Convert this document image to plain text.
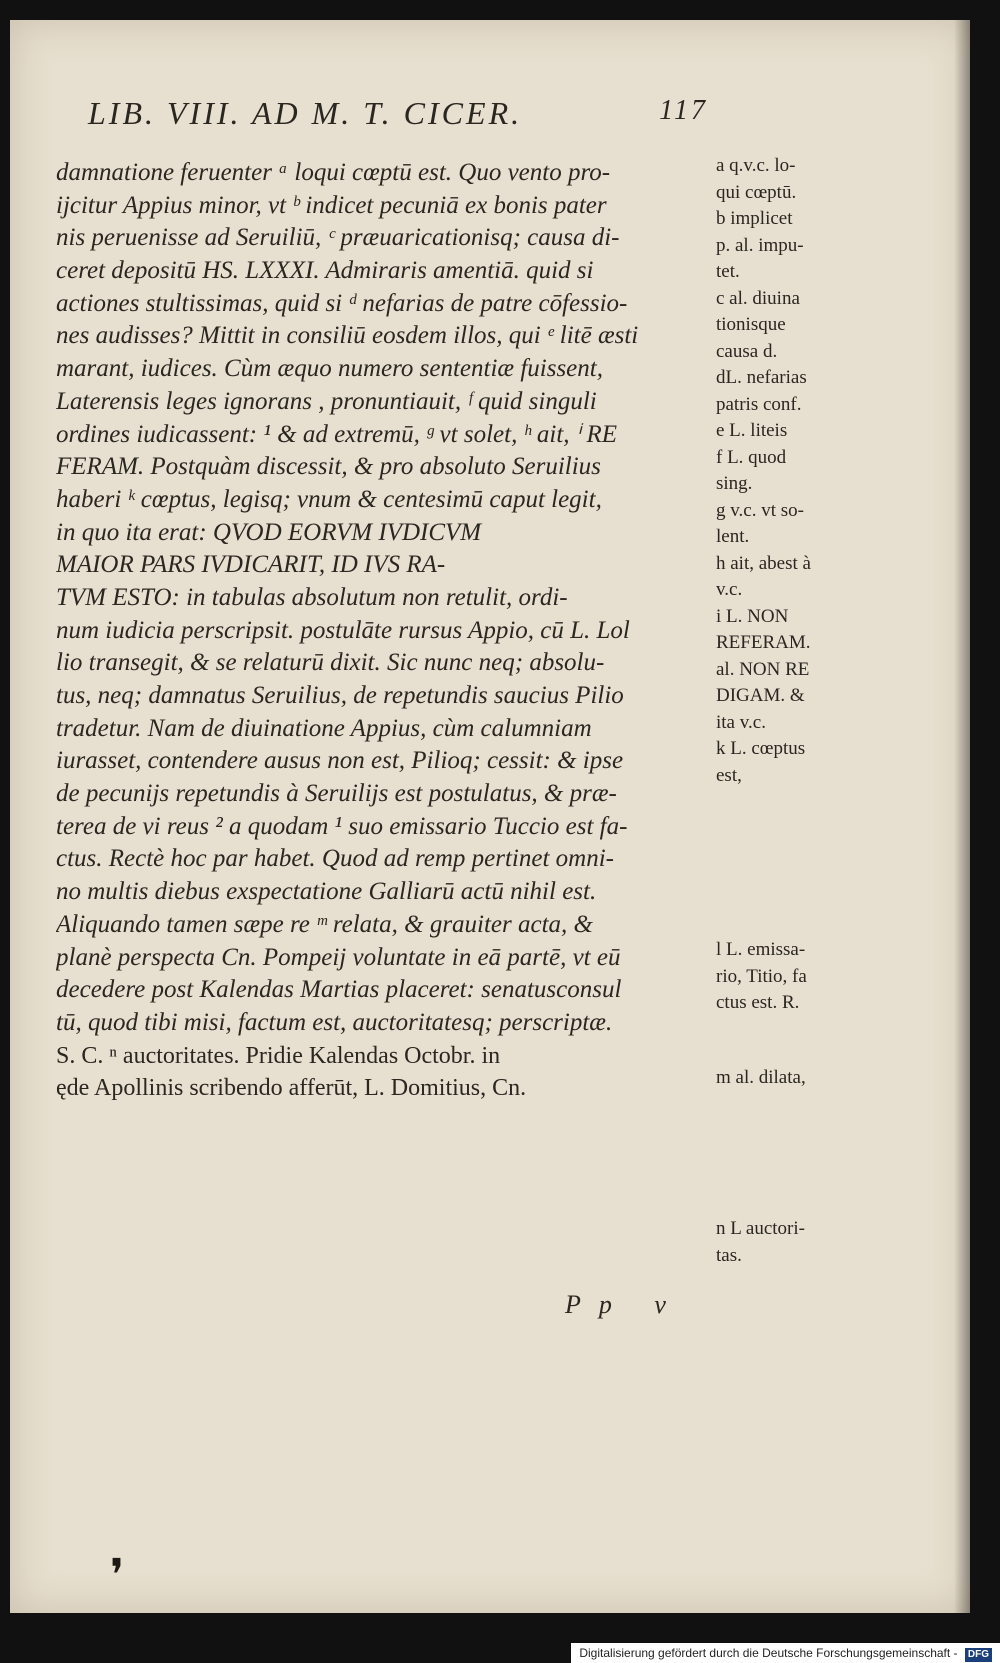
LIB. VIII. AD M. T. CICER.	117
damnatione feruenter ᵃ loqui cœptū est. Quo vento pro-
ijcitur Appius minor, vt ᵇ indicet pecuniā ex bonis pater
nis peruenisse ad Seruiliū, ᶜ præuaricationisq; causa di-
ceret depositū HS. LXXXI. Admiraris amentiā. quid si
actiones stultissimas, quid si ᵈ nefarias de patre cōfessio-
nes audisses? Mittit in consiliū eosdem illos, qui ᵉ litē æsti
marant, iudices. Cùm æquo numero sententiæ fuissent,
Laterensis leges ignorans , pronuntiauit, ᶠ quid singuli
ordines iudicassent: ¹ & ad extremū, ᵍ vt solet, ʰ ait, ⁱ RE
FERAM. Postquàm discessit, & pro absoluto Seruilius
haberi ᵏ cœptus, legisq; vnum & centesimū caput legit,
in quo ita erat: QVOD EORVM IVDICVM
MAIOR PARS IVDICARIT, ID IVS RA-
TVM ESTO: in tabulas absolutum non retulit, ordi-
num iudicia perscripsit. postulāte rursus Appio, cū L. Lol
lio transegit, & se relaturū dixit. Sic nunc neq; absolu-
tus, neq; damnatus Seruilius, de repetundis saucius Pilio
tradetur. Nam de diuinatione Appius, cùm calumniam
iurasset, contendere ausus non est, Pilioq; cessit: & ipse
de pecunijs repetundis à Seruilijs est postulatus, & præ-
terea de vi reus ² a quodam ¹ suo emissario Tuccio est fa-
ctus. Rectè hoc par habet. Quod ad remp pertinet omni-
no multis diebus exspectatione Galliarū actū nihil est.
Aliquando tamen sæpe re ᵐ relata, & grauiter acta, &
planè perspecta Cn. Pompeij voluntate in eā partē, vt eū
decedere post Kalendas Martias placeret: senatusconsul
tū, quod tibi misi, factum est, auctoritatesq; perscriptæ.
S. C. ⁿ auctoritates. Pridie Kalendas Octobr. in
ęde Apollinis scribendo afferūt, L. Domitius, Cn.
Pp v
a q.v.c. lo-
qui cœptū.
b implicet
p. al. impu-
tet.
c al. diuina
tionisque
causa d.
dL. nefarias
patris conf.
e L. liteis
f L. quod
sing.
g v.c. vt so-
lent.
h ait, abest à
v.c.
i L. NON
REFERAM.
al. NON RE
DIGAM. &
ita v.c.
k L. cœptus
est,
l L. emissa-
rio, Titio, fa
ctus est. R.
m al. dilata,
n L auctori-
tas.
❜
Digitalisierung gefördert durch die Deutsche Forschungsgemeinschaft - DFG
